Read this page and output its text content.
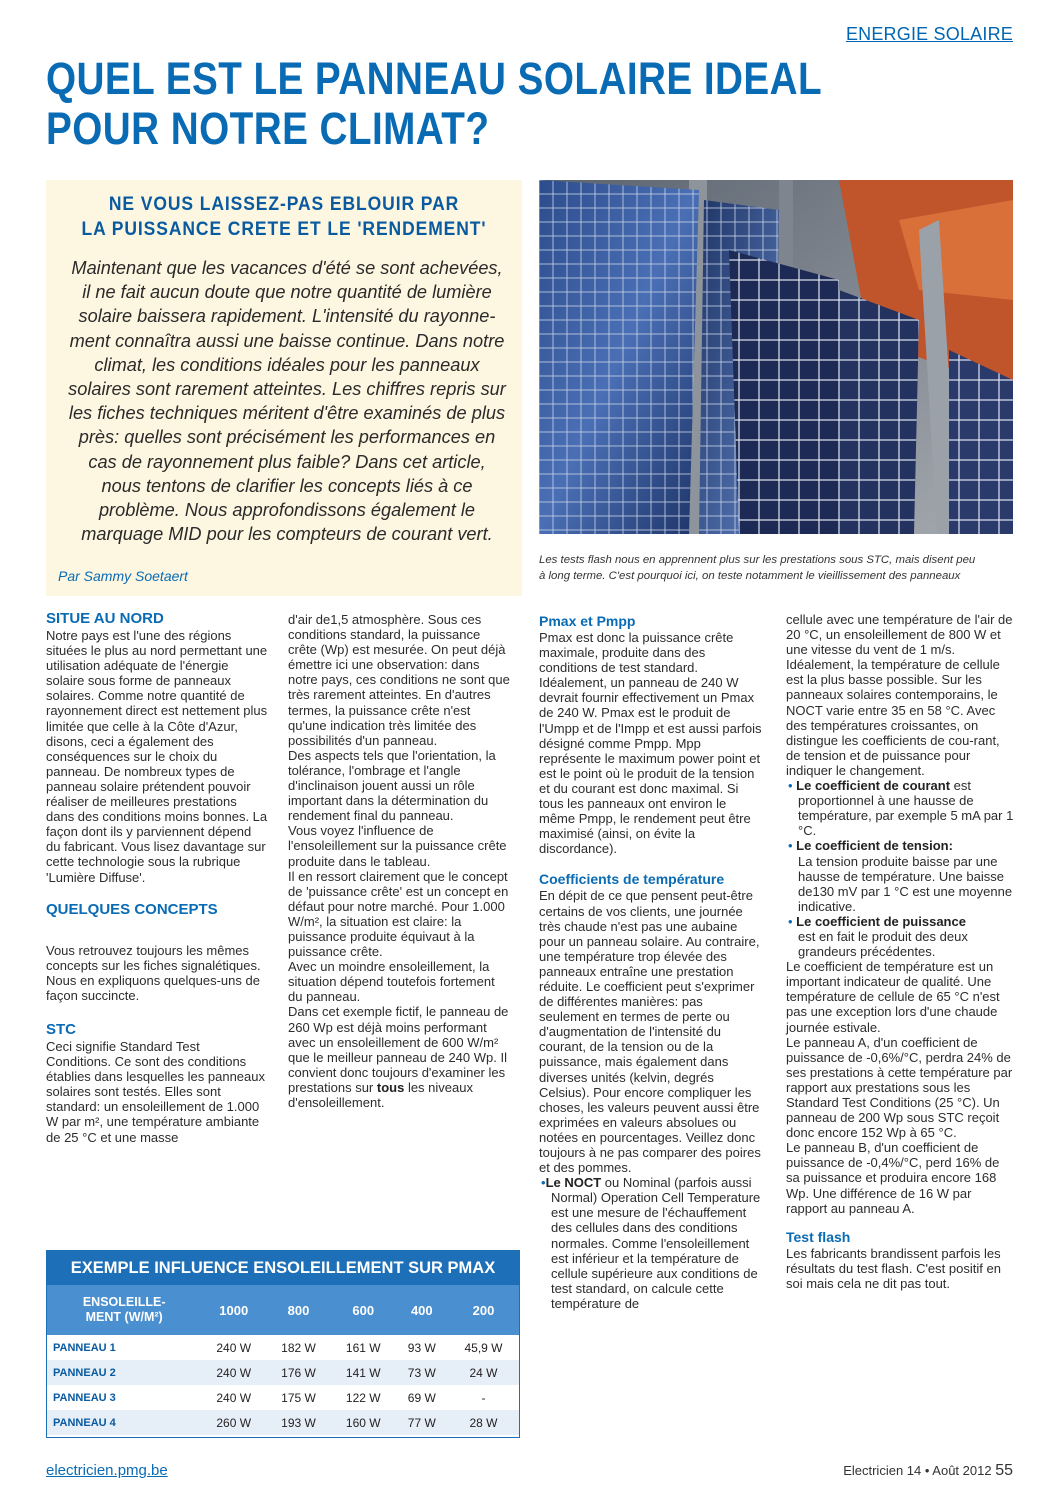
ENERGIE SOLAIRE
QUEL EST LE PANNEAU SOLAIRE IDEAL
POUR NOTRE CLIMAT?
NE VOUS LAISSEZ-PAS EBLOUIR PAR
LA PUISSANCE CRETE ET LE 'RENDEMENT'
Maintenant que les vacances d'été se sont achevées,
il ne fait aucun doute que notre quantité de lumière
solaire baissera rapidement. L'intensité du rayonne-
ment connaîtra aussi une baisse continue. Dans notre
climat, les conditions idéales pour les panneaux
solaires sont rarement atteintes. Les chiffres repris sur
les fiches techniques méritent d'être examinés de plus
près: quelles sont précisément les performances en
cas de rayonnement plus faible? Dans cet article,
nous tentons de clarifier les concepts liés à ce
problème. Nous approfondissons également le
marquage MID pour les compteurs de courant vert.
Par Sammy Soetaert
Les tests flash nous en apprennent plus sur les prestations sous STC, mais disent peu
à long terme. C'est pourquoi ici, on teste notamment le vieillissement des panneaux
SITUE AU NORD

Notre pays est l'une des régions situées le plus au nord permettant une utilisation adéquate de l'énergie solaire sous forme de panneaux solaires. Comme notre quantité de rayonnement direct est nettement plus limitée que celle à la Côte d'Azur, disons, ceci a également des conséquences sur le choix du panneau. De nombreux types de panneau solaire prétendent pouvoir réaliser de meilleures prestations dans des conditions moins bonnes. La façon dont ils y parviennent dépend du fabricant. Vous lisez davantage sur cette technologie sous la rubrique 'Lumière Diffuse'.

QUELQUES CONCEPTS

Vous retrouvez toujours les mêmes concepts sur les fiches signalétiques. Nous en expliquons quelques-uns de façon succincte.

STC

Ceci signifie Standard Test Conditions. Ce sont des conditions établies dans lesquelles les panneaux solaires sont testés. Elles sont standard: un ensoleillement de 1.000 W par m², une température ambiante de 25 °C et une masse

d'air de1,5 atmosphère. Sous ces conditions standard, la puissance crête (Wp) est mesurée. On peut déjà émettre ici une observation: dans notre pays, ces conditions ne sont que très rarement atteintes. En d'autres termes, la puissance crête n'est qu'une indication très limitée des possibilités d'un panneau.

Des aspects tels que l'orientation, la tolérance, l'ombrage et l'angle d'inclinaison jouent aussi un rôle important dans la détermination du rendement final du panneau.

Vous voyez l'influence de l'ensoleillement sur la puissance crête produite dans le tableau.

Il en ressort clairement que le concept de 'puissance crête' est un concept en défaut pour notre marché. Pour 1.000 W/m², la situation est claire: la puissance produite équivaut à la puissance crête.

Avec un moindre ensoleillement, la situation dépend toutefois fortement du panneau.

Dans cet exemple fictif, le panneau de 260 Wp est déjà moins performant avec un ensoleillement de 600 W/m² que le meilleur panneau de 240 Wp. Il convient donc toujours d'examiner les prestations sur tous les niveaux d'ensoleillement.

Pmax et Pmpp

Pmax est donc la puissance crête maximale, produite dans des conditions de test standard. Idéalement, un panneau de 240 W devrait fournir effectivement un Pmax de 240 W. Pmax est le produit de l'Umpp et de l'Impp et est aussi parfois désigné comme Pmpp. Mpp représente le maximum power point et est le point où le produit de la tension et du courant est donc maximal. Si tous les panneaux ont environ le même Pmpp, le rendement peut être maximisé (ainsi, on évite la discordance).

Coefficients de température

En dépit de ce que pensent peut-être certains de vos clients, une journée très chaude n'est pas une aubaine pour un panneau solaire. Au contraire, une température trop élevée des panneaux entraîne une prestation réduite. Le coefficient peut s'exprimer de différentes manières: pas seulement en termes de perte ou d'augmentation de l'intensité du courant, de la tension ou de la puissance, mais également dans diverses unités (kelvin, degrés Celsius). Pour encore compliquer les choses, les valeurs peuvent aussi être exprimées en valeurs absolues ou notées en pourcentages. Veillez donc toujours à ne pas comparer des poires et des pommes.

•Le NOCT ou Nominal (parfois aussi Normal) Operation Cell Temperature est une mesure de l'échauffement des cellules dans des conditions normales. Comme l'ensoleillement est inférieur et la température de cellule supérieure aux conditions de test standard, on calcule cette température de

cellule avec une température de l'air de 20 °C, un ensoleillement de 800 W et une vitesse du vent de 1 m/s. Idéalement, la température de cellule est la plus basse possible. Sur les panneaux solaires contemporains, le NOCT varie entre 35 en 58 °C. Avec des températures croissantes, on distingue les coefficients de cou-rant, de tension et de puissance pour indiquer le changement.

• Le coefficient de courant est proportionnel à une hausse de température, par exemple 5 mA par 1 °C.

• Le coefficient de tension:

La tension produite baisse par une hausse de température. Une baisse de130 mV par 1 °C est une moyenne indicative.

• Le coefficient de puissance

est en fait le produit des deux grandeurs précédentes.

Le coefficient de température est un important indicateur de qualité. Une température de cellule de 65 °C n'est pas une exception lors d'une chaude journée estivale.

Le panneau A, d'un coefficient de puissance de -0,6%/°C, perdra 24% de ses prestations à cette température par rapport aux prestations sous les Standard Test Conditions (25 °C). Un panneau de 200 Wp sous STC reçoit donc encore 152 Wp à 65 °C.

Le panneau B, d'un coefficient de puissance de -0,4%/°C, perd 16% de sa puissance et produira encore 168 Wp. Une différence de 16 W par rapport au panneau A.

Test flash

Les fabricants brandissent parfois les résultats du test flash. C'est positif en soi mais cela ne dit pas tout.

EXEMPLE INFLUENCE ENSOLEILLEMENT SUR PMAX
ENSOLEILLE-
MENT (W/M²)	1000	800	600	400	200
PANNEAU 1	240 W	182 W	161 W	93 W	45,9 W
PANNEAU 2	240 W	176 W	141 W	73 W	24 W
PANNEAU 3	240 W	175 W	122 W	69 W	-
PANNEAU 4	260 W	193 W	160 W	77 W	28 W
electricien.pmg.be	Electricien 14 • Août 2012 55
